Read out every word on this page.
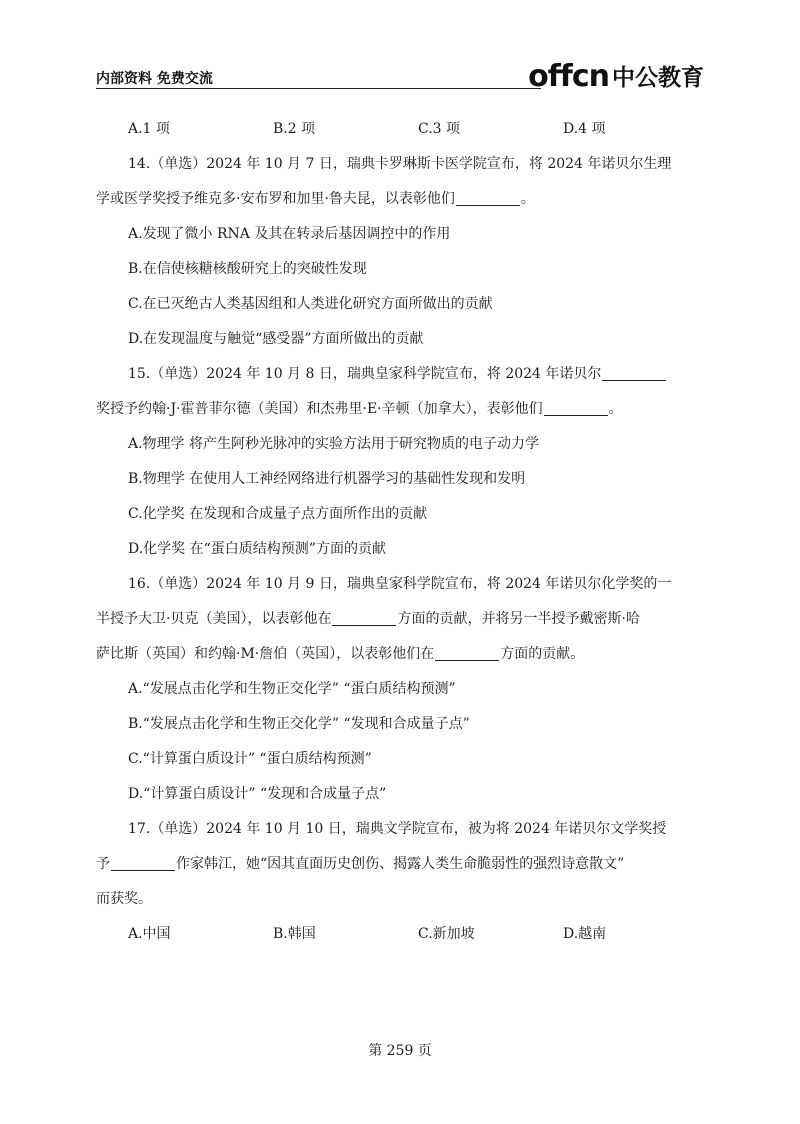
内部资料 免费交流	offcn 中公教育
A.1 项	B.2 项	C.3 项	D.4 项
14.（单选）2024 年 10 月 7 日，瑞典卡罗琳斯卡医学院宣布，将 2024 年诺贝尔生理
学或医学奖授予维克多·安布罗和加里·鲁夫昆，以表彰他们	。
A.发现了微小 RNA 及其在转录后基因调控中的作用
B.在信使核糖核酸研究上的突破性发现
C.在已灭绝古人类基因组和人类进化研究方面所做出的贡献
D.在发现温度与触觉“感受器”方面所做出的贡献
15.（单选）2024 年 10 月 8 日，瑞典皇家科学院宣布，将 2024 年诺贝尔
奖授予约翰·J·霍普菲尔德（美国）和杰弗里·E·辛顿（加拿大），表彰他们	。
A.物理学 将产生阿秒光脉冲的实验方法用于研究物质的电子动力学
B.物理学 在使用人工神经网络进行机器学习的基础性发现和发明
C.化学奖 在发现和合成量子点方面所作出的贡献
D.化学奖 在“蛋白质结构预测”方面的贡献
16.（单选）2024 年 10 月 9 日，瑞典皇家科学院宣布，将 2024 年诺贝尔化学奖的一
半授予大卫·贝克（美国），以表彰他在	方面的贡献，并将另一半授予戴密斯·哈
萨比斯（英国）和约翰·M·詹伯（英国），以表彰他们在	方面的贡献。
A.“发展点击化学和生物正交化学” “蛋白质结构预测”
B.“发展点击化学和生物正交化学” “发现和合成量子点”
C.“计算蛋白质设计” “蛋白质结构预测”
D.“计算蛋白质设计” “发现和合成量子点”
17.（单选）2024 年 10 月 10 日，瑞典文学院宣布，被为将 2024 年诺贝尔文学奖授
予	作家韩江，她“因其直面历史创伤、揭露人类生命脆弱性的强烈诗意散文”
而获奖。
A.中国	B.韩国	C.新加坡	D.越南
第 259 页
